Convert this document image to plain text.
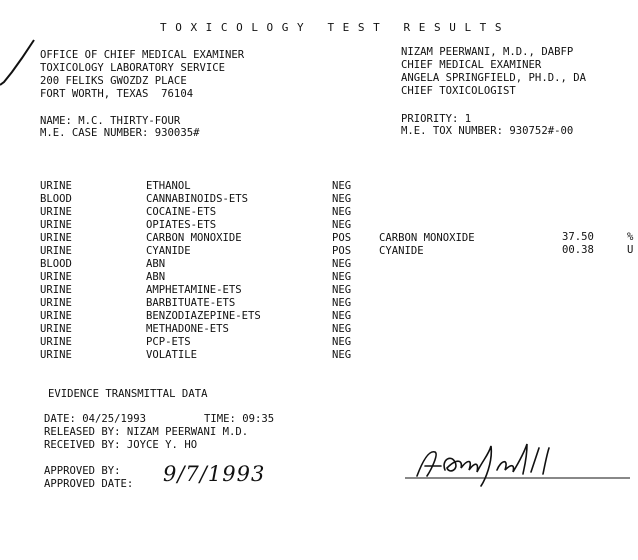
TOXICOLOGY TEST RESULTS
OFFICE OF CHIEF MEDICAL EXAMINER
TOXICOLOGY LABORATORY SERVICE
200 FELIKS GWOZDZ PLACE
FORT WORTH, TEXAS  76104
NIZAM PEERWANI, M.D., DABFP
CHIEF MEDICAL EXAMINER
ANGELA SPRINGFIELD, PH.D., DA
CHIEF TOXICOLOGIST
NAME: M.C. THIRTY-FOUR
M.E. CASE NUMBER: 930035#
PRIORITY: 1
M.E. TOX NUMBER: 930752#-00
URINE	ETHANOL	NEG
BLOOD	CANNABINOIDS-ETS	NEG
URINE	COCAINE-ETS	NEG
URINE	OPIATES-ETS	NEG
URINE	CARBON MONOXIDE	POS
URINE	CYANIDE	POS
BLOOD	ABN	NEG
URINE	ABN	NEG
URINE	AMPHETAMINE-ETS	NEG
URINE	BARBITUATE-ETS	NEG
URINE	BENZODIAZEPINE-ETS	NEG
URINE	METHADONE-ETS	NEG
URINE	PCP-ETS	NEG
URINE	VOLATILE	NEG
CARBON MONOXIDE	37.50	%
CYANIDE	00.38	U
EVIDENCE TRANSMITTAL DATA
DATE: 04/25/1993	TIME: 09:35
RELEASED BY: NIZAM PEERWANI M.D.
RECEIVED BY: JOYCE Y. HO
APPROVED BY:
APPROVED DATE: 9/7/1993
